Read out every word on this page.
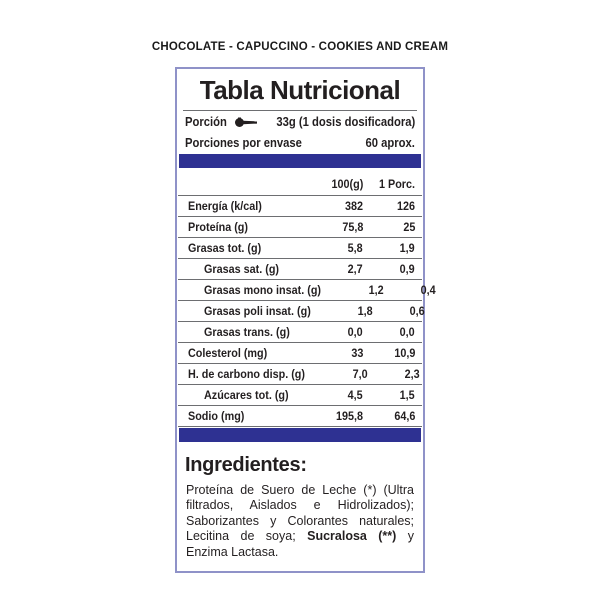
CHOCOLATE - CAPUCCINO - COOKIES AND CREAM
Tabla Nutricional
Porción	33g (1 dosis dosificadora)
Porciones por envase	60 aprox.
100(g)	1 Porc.
Energía (k/cal)	382	126
Proteína (g)	75,8	25
Grasas tot. (g)	5,8	1,9
Grasas sat. (g)	2,7	0,9
Grasas mono insat. (g)	1,2	0,4
Grasas poli insat. (g)	1,8	0,6
Grasas trans. (g)	0,0	0,0
Colesterol (mg)	33	10,9
H. de carbono disp. (g)	7,0	2,3
Azúcares tot. (g)	4,5	1,5
Sodio (mg)	195,8	64,6
Ingredientes:

Proteína de Suero de Leche (*) (Ultra filtrados, Aislados e Hidrolizados); Saborizantes y Colorantes naturales; Lecitina de soya; Sucralosa (**) y Enzima Lactasa.
